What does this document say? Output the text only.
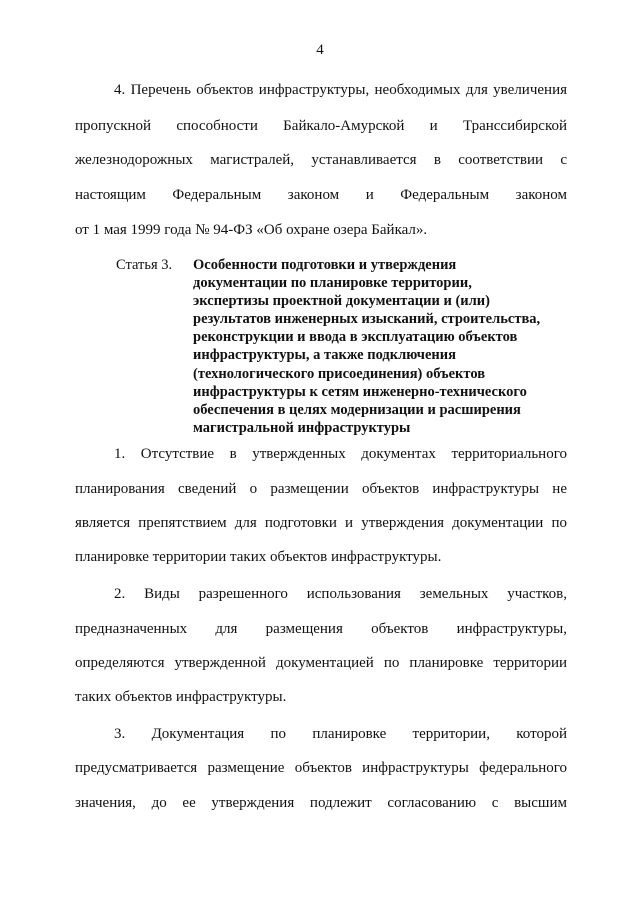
4
4. Перечень объектов инфраструктуры, необходимых для увеличения
пропускной способности Байкало-Амурской и Транссибирской
железнодорожных магистралей, устанавливается в соответствии с
настоящим Федеральным законом и Федеральным законом
от 1 мая 1999 года № 94-ФЗ «Об охране озера Байкал».
Статья 3. Особенности подготовки и утверждения
документации по планировке территории,
экспертизы проектной документации и (или)
результатов инженерных изысканий, строительства,
реконструкции и ввода в эксплуатацию объектов
инфраструктуры, а также подключения
(технологического присоединения) объектов
инфраструктуры к сетям инженерно-технического
обеспечения в целях модернизации и расширения
магистральной инфраструктуры
1. Отсутствие в утвержденных документах территориального
планирования сведений о размещении объектов инфраструктуры не
является препятствием для подготовки и утверждения документации по
планировке территории таких объектов инфраструктуры.
2. Виды разрешенного использования земельных участков,
предназначенных для размещения объектов инфраструктуры,
определяются утвержденной документацией по планировке территории
таких объектов инфраструктуры.
3. Документация по планировке территории, которой
предусматривается размещение объектов инфраструктуры федерального
значения, до ее утверждения подлежит согласованию с высшим
